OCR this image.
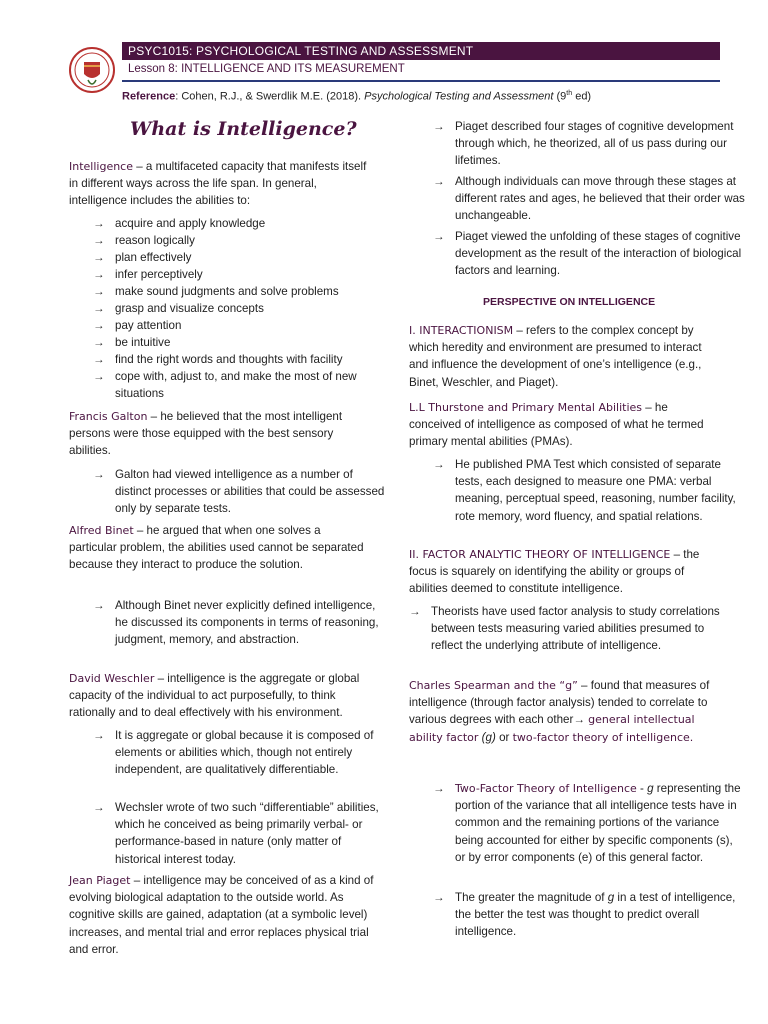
PSYC1015: PSYCHOLOGICAL TESTING AND ASSESSMENT
Lesson 8: INTELLIGENCE AND ITS MEASUREMENT
Reference: Cohen, R.J., & Swerdlik M.E. (2018). Psychological Testing and Assessment (9th ed)
What is Intelligence?

Intelligence – a multifaceted capacity that manifests itself in different ways across the life span. In general, intelligence includes the abilities to:

→ acquire and apply knowledge

→ reason logically

→ plan effectively

→ infer perceptively

→ make sound judgments and solve problems

→ grasp and visualize concepts

→ pay attention

→ be intuitive

→ find the right words and thoughts with facility

→ cope with, adjust to, and make the most of new situations

Francis Galton – he believed that the most intelligent persons were those equipped with the best sensory abilities.

→ Galton had viewed intelligence as a number of distinct processes or abilities that could be assessed only by separate tests.

Alfred Binet – he argued that when one solves a particular problem, the abilities used cannot be separated because they interact to produce the solution.

→ Although Binet never explicitly defined intelligence, he discussed its components in terms of reasoning, judgment, memory, and abstraction.

David Weschler – intelligence is the aggregate or global capacity of the individual to act purposefully, to think rationally and to deal effectively with his environment.

→ It is aggregate or global because it is composed of elements or abilities which, though not entirely independent, are qualitatively differentiable.

→ Wechsler wrote of two such “differentiable” abilities, which he conceived as being primarily verbal- or performance-based in nature (only matter of historical interest today.

Jean Piaget – intelligence may be conceived of as a kind of evolving biological adaptation to the outside world. As cognitive skills are gained, adaptation (at a symbolic level) increases, and mental trial and error replaces physical trial and error.

→ Piaget described four stages of cognitive development through which, he theorized, all of us pass during our lifetimes.

→ Although individuals can move through these stages at different rates and ages, he believed that their order was unchangeable.

→ Piaget viewed the unfolding of these stages of cognitive development as the result of the interaction of biological factors and learning.

PERSPECTIVE ON INTELLIGENCE

I. INTERACTIONISM – refers to the complex concept by which heredity and environment are presumed to interact and influence the development of one’s intelligence (e.g., Binet, Weschler, and Piaget).

L.L Thurstone and Primary Mental Abilities – he conceived of intelligence as composed of what he termed primary mental abilities (PMAs).

→ He published PMA Test which consisted of separate tests, each designed to measure one PMA: verbal meaning, perceptual speed, reasoning, number facility, rote memory, word fluency, and spatial relations.

II. FACTOR ANALYTIC THEORY OF INTELLIGENCE – the focus is squarely on identifying the ability or groups of abilities deemed to constitute intelligence.

→ Theorists have used factor analysis to study correlations between tests measuring varied abilities presumed to reflect the underlying attribute of intelligence.

Charles Spearman and the “g” – found that measures of intelligence (through factor analysis) tended to correlate to various degrees with each other→ general intellectual ability factor (g) or two-factor theory of intelligence.

→ Two-Factor Theory of Intelligence - g representing the portion of the variance that all intelligence tests have in common and the remaining portions of the variance being accounted for either by specific components (s), or by error components (e) of this general factor.

→ The greater the magnitude of g in a test of intelligence, the better the test was thought to predict overall intelligence.
